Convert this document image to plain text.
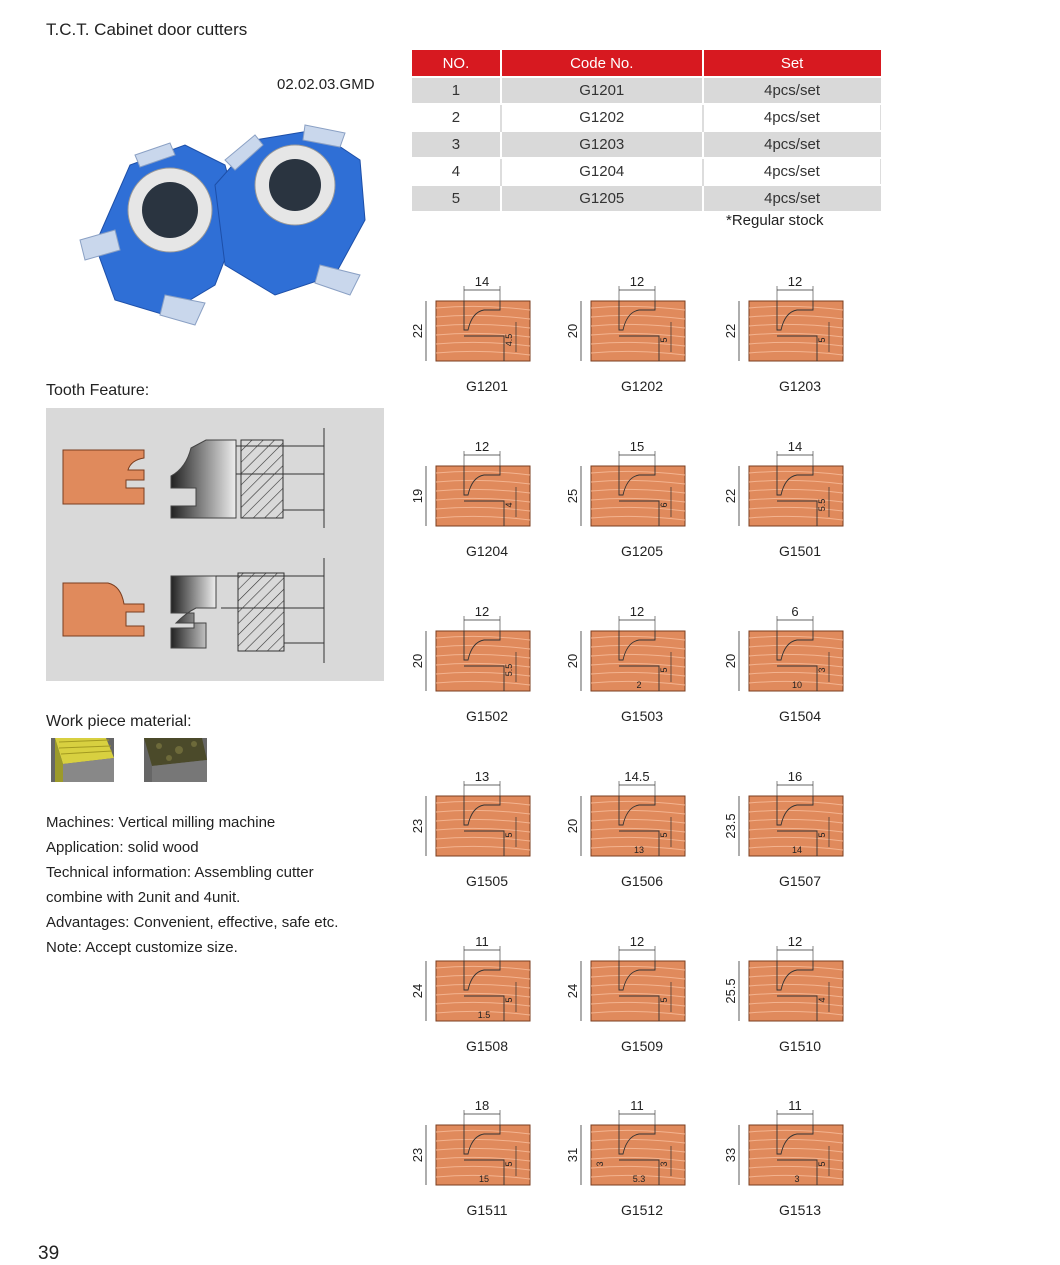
T.C.T. Cabinet door cutters
02.02.03.GMD
NO.	Code No.	Set
1	G1201	4pcs/set
2	G1202	4pcs/set
3	G1203	4pcs/set
4	G1204	4pcs/set
5	G1205	4pcs/set
*Regular stock
Tooth Feature:
Work piece material:
Machines: Vertical milling machine
Application: solid wood
Technical information: Assembling cutter
combine with 2unit and 4unit.
Advantages: Convenient, effective, safe etc.
Note: Accept customize size.
39
14
22
4.5
G1201
12
20
5
G1202
12
22
5
G1203
12
19
4
G1204
15
25
6
G1205
14
22
5.5
G1501
12
20
5.5
G1502
12
20
5
2
G1503
6
20
3
10
G1504
13
23
5
G1505
14.5
20
5
13
G1506
16
23.5	5
14
G1507
11
24
5
1.5
G1508
12
24
5
G1509
12
25.5	4
G1510
18
23
5
15
G1511
11
31
3
5.3
3
G1512
11
33
5
3
G1513
